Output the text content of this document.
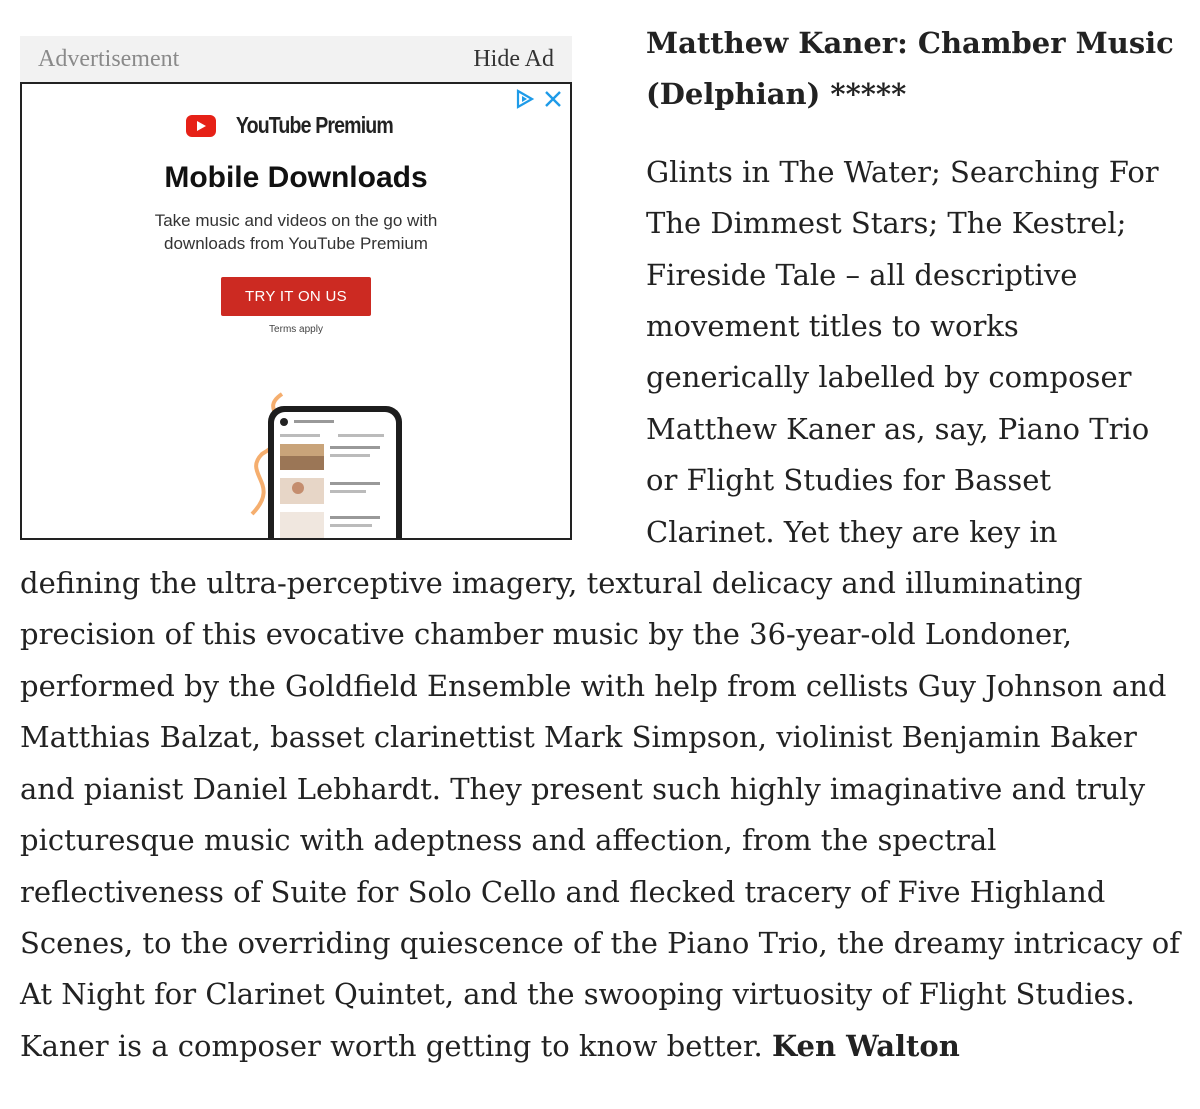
Advertisement	Hide Ad
YouTube Premium
Mobile Downloads
Take music and videos on the go with downloads from YouTube Premium
TRY IT ON US
Terms apply

Matthew Kaner: Chamber Music (Delphian) *****

Glints in The Water; Searching For The Dimmest Stars; The Kestrel; Fireside Tale – all descriptive movement titles to works generically labelled by composer Matthew Kaner as, say, Piano Trio or Flight Studies for Basset Clarinet. Yet they are key in defining the ultra-perceptive imagery, textural delicacy and illuminating precision of this evocative chamber music by the 36-year-old Londoner, performed by the Goldfield Ensemble with help from cellists Guy Johnson and Matthias Balzat, basset clarinettist Mark Simpson, violinist Benjamin Baker and pianist Daniel Lebhardt. They present such highly imaginative and truly picturesque music with adeptness and affection, from the spectral reflectiveness of Suite for Solo Cello and flecked tracery of Five Highland Scenes, to the overriding quiescence of the Piano Trio, the dreamy intricacy of At Night for Clarinet Quintet, and the swooping virtuosity of Flight Studies. Kaner is a composer worth getting to know better. Ken Walton
